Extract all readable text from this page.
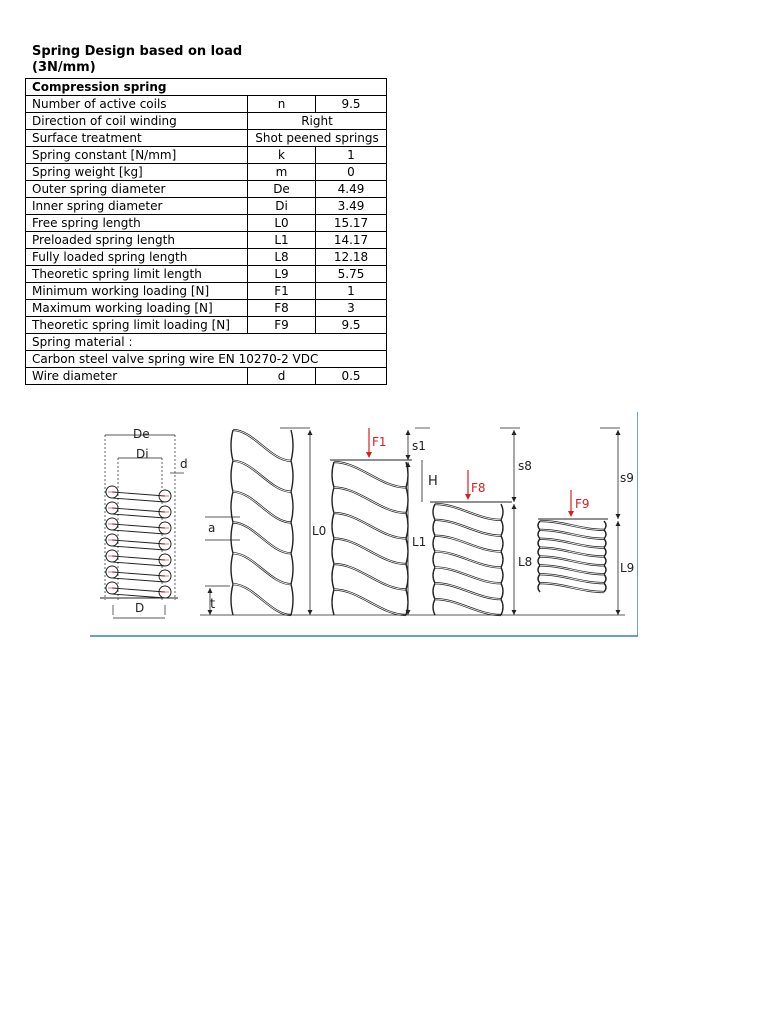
Spring Design based on load
(3N/mm)
Compression spring		
Number of active coils	n	9.5
Direction of coil winding	Right	
Surface treatment	Shot peened springs	
Spring constant [N/mm]	k	1
Spring weight [kg]	m	0
Outer spring diameter	De	4.49
Inner spring diameter	Di	3.49
Free spring length	L0	15.17
Preloaded spring length	L1	14.17
Fully loaded spring length	L8	12.18
Theoretic spring limit length	L9	5.75
Minimum working loading [N]	F1	1
Maximum working loading [N]	F8	3
Theoretic spring limit loading [N]	F9	9.5
Spring material :		
Carbon steel valve spring wire EN 10270-2 VDC		
Wire diameter	d	0.5
De
Di
d
D	t
a	L0
F1 s1
L1
H	F8
s8
L8
F9
s9
L9
